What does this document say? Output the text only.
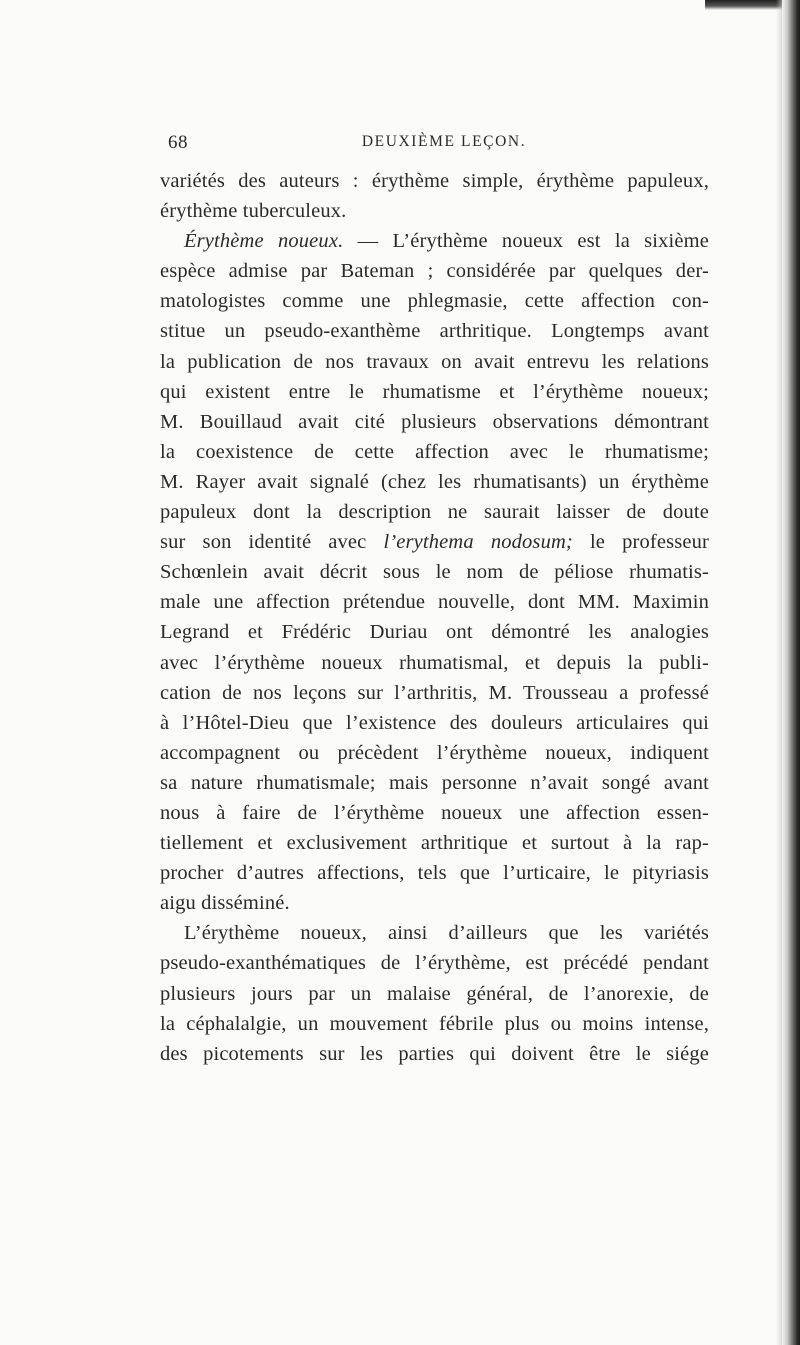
68	DEUXIÈME LEÇON.
variétés des auteurs : érythème simple, érythème papuleux,
érythème tuberculeux.
Érythème noueux. — L’érythème noueux est la sixième
espèce admise par Bateman ; considérée par quelques der-
matologistes comme une phlegmasie, cette affection con-
stitue un pseudo-exanthème arthritique. Longtemps avant
la publication de nos travaux on avait entrevu les relations
qui existent entre le rhumatisme et l’érythème noueux;
M. Bouillaud avait cité plusieurs observations démontrant
la coexistence de cette affection avec le rhumatisme;
M. Rayer avait signalé (chez les rhumatisants) un érythème
papuleux dont la description ne saurait laisser de doute
sur son identité avec l’erythema nodosum; le professeur
Schœnlein avait décrit sous le nom de péliose rhumatis-
male une affection prétendue nouvelle, dont MM. Maximin
Legrand et Frédéric Duriau ont démontré les analogies
avec l’érythème noueux rhumatismal, et depuis la publi-
cation de nos leçons sur l’arthritis, M. Trousseau a professé
à l’Hôtel-Dieu que l’existence des douleurs articulaires qui
accompagnent ou précèdent l’érythème noueux, indiquent
sa nature rhumatismale; mais personne n’avait songé avant
nous à faire de l’érythème noueux une affection essen-
tiellement et exclusivement arthritique et surtout à la rap-
procher d’autres affections, tels que l’urticaire, le pityriasis
aigu disséminé.
L’érythème noueux, ainsi d’ailleurs que les variétés
pseudo-exanthématiques de l’érythème, est précédé pendant
plusieurs jours par un malaise général, de l’anorexie, de
la céphalalgie, un mouvement fébrile plus ou moins intense,
des picotements sur les parties qui doivent être le siége
